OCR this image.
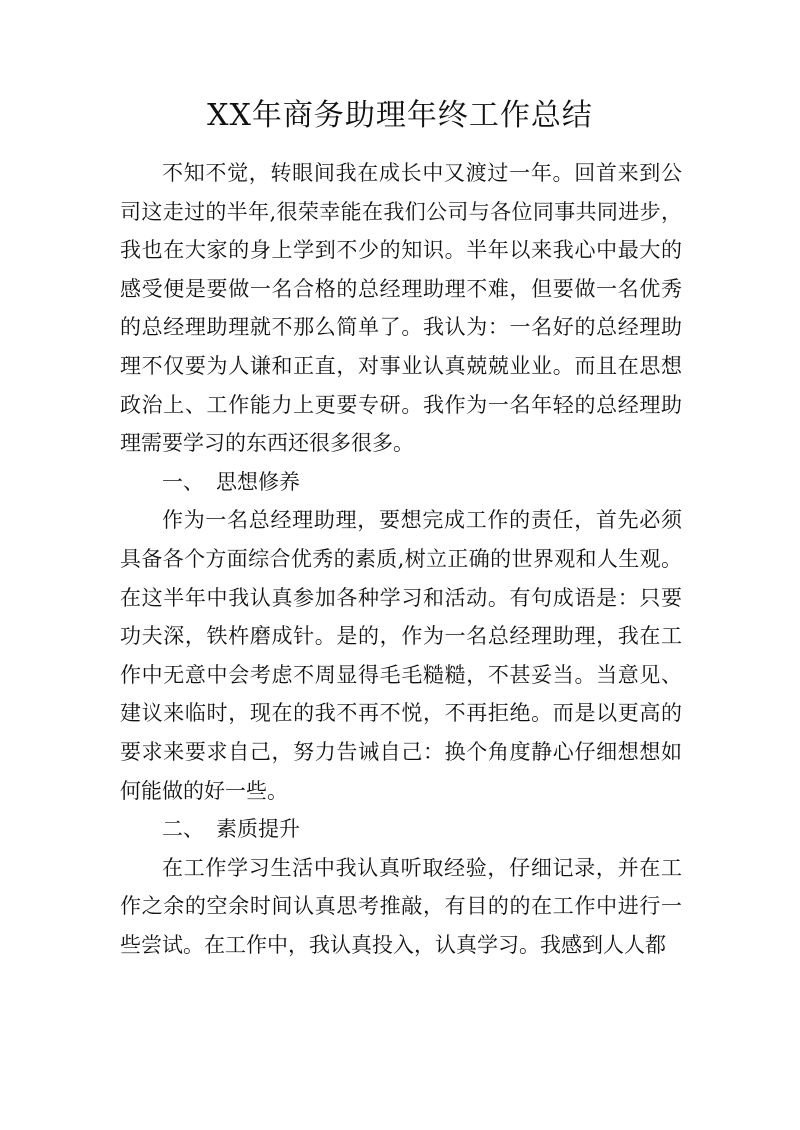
XX年商务助理年终工作总结

不知不觉，转眼间我在成长中又渡过一年。回首来到公司这走过的半年,很荣幸能在我们公司与各位同事共同进步，我也在大家的身上学到不少的知识。半年以来我心中最大的感受便是要做一名合格的总经理助理不难，但要做一名优秀的总经理助理就不那么简单了。我认为：一名好的总经理助理不仅要为人谦和正直，对事业认真兢兢业业。而且在思想政治上、工作能力上更要专研。我作为一名年轻的总经理助理需要学习的东西还很多很多。

一、 思想修养

作为一名总经理助理，要想完成工作的责任，首先必须具备各个方面综合优秀的素质,树立正确的世界观和人生观。在这半年中我认真参加各种学习和活动。有句成语是：只要功夫深，铁杵磨成针。是的，作为一名总经理助理，我在工作中无意中会考虑不周显得毛毛糙糙，不甚妥当。当意见、建议来临时，现在的我不再不悦，不再拒绝。而是以更高的要求来要求自己，努力告诫自己：换个角度静心仔细想想如何能做的好一些。

二、 素质提升

在工作学习生活中我认真听取经验，仔细记录，并在工作之余的空余时间认真思考推敲，有目的的在工作中进行一些尝试。在工作中，我认真投入，认真学习。我感到人人都
